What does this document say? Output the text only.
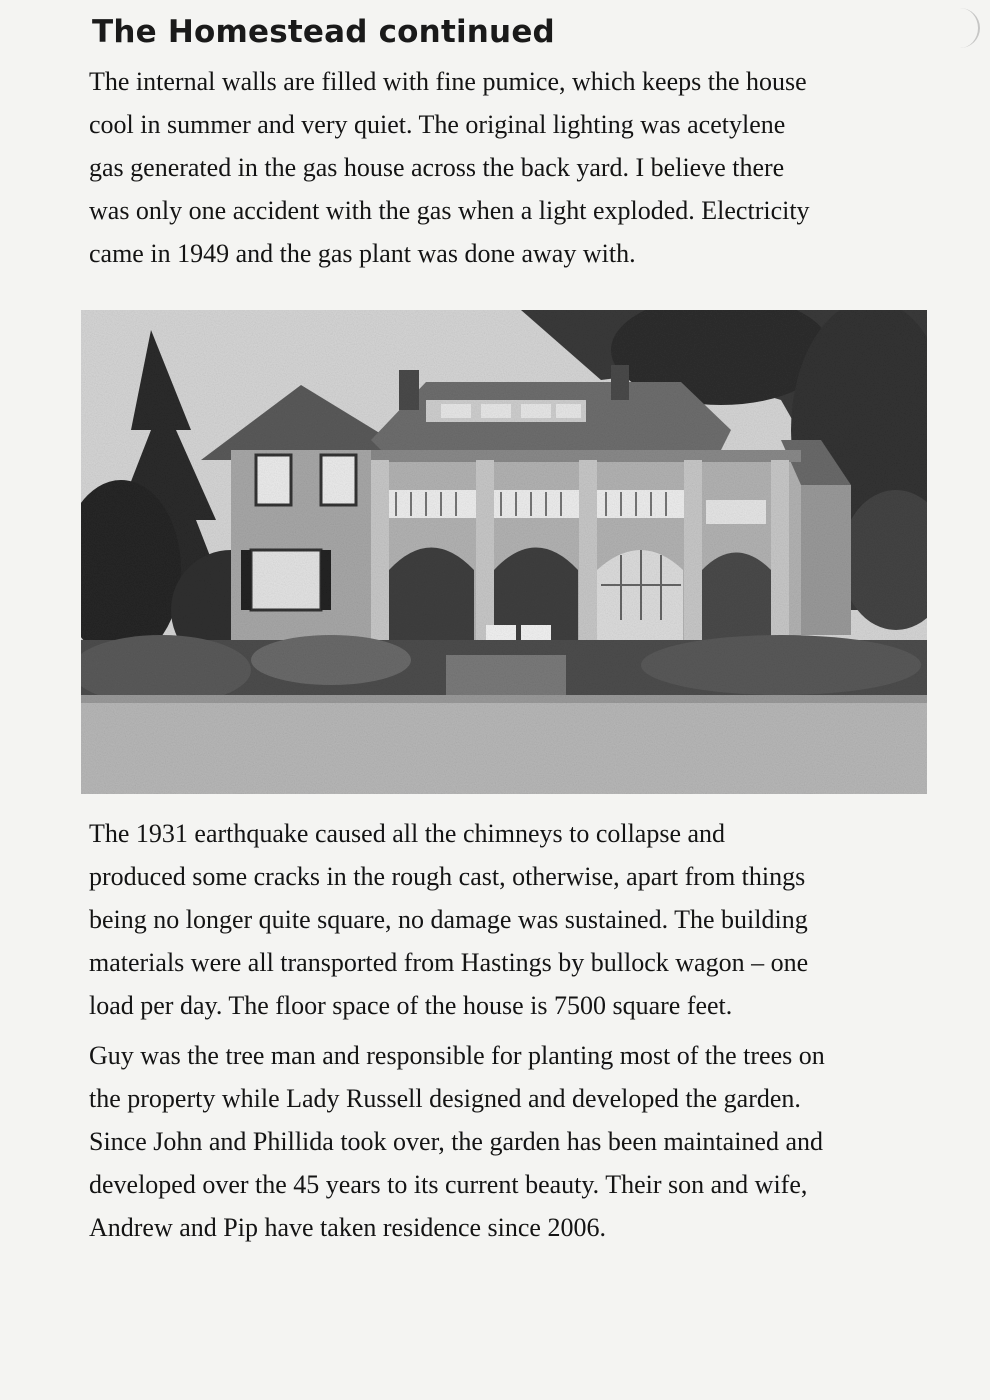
The Homestead continued

The internal walls are filled with fine pumice, which keeps the house
cool in summer and very quiet. The original lighting was acetylene
gas generated in the gas house across the back yard. I believe there
was only one accident with the gas when a light exploded. Electricity
came in 1949 and the gas plant was done away with.

The 1931 earthquake caused all the chimneys to collapse and
produced some cracks in the rough cast, otherwise, apart from things
being no longer quite square, no damage was sustained. The building
materials were all transported from Hastings by bullock wagon – one
load per day. The floor space of the house is 7500 square feet.

Guy was the tree man and responsible for planting most of the trees on
the property while Lady Russell designed and developed the garden.
Since John and Phillida took over, the garden has been maintained and
developed over the 45 years to its current beauty. Their son and wife,
Andrew and Pip have taken residence since 2006.
